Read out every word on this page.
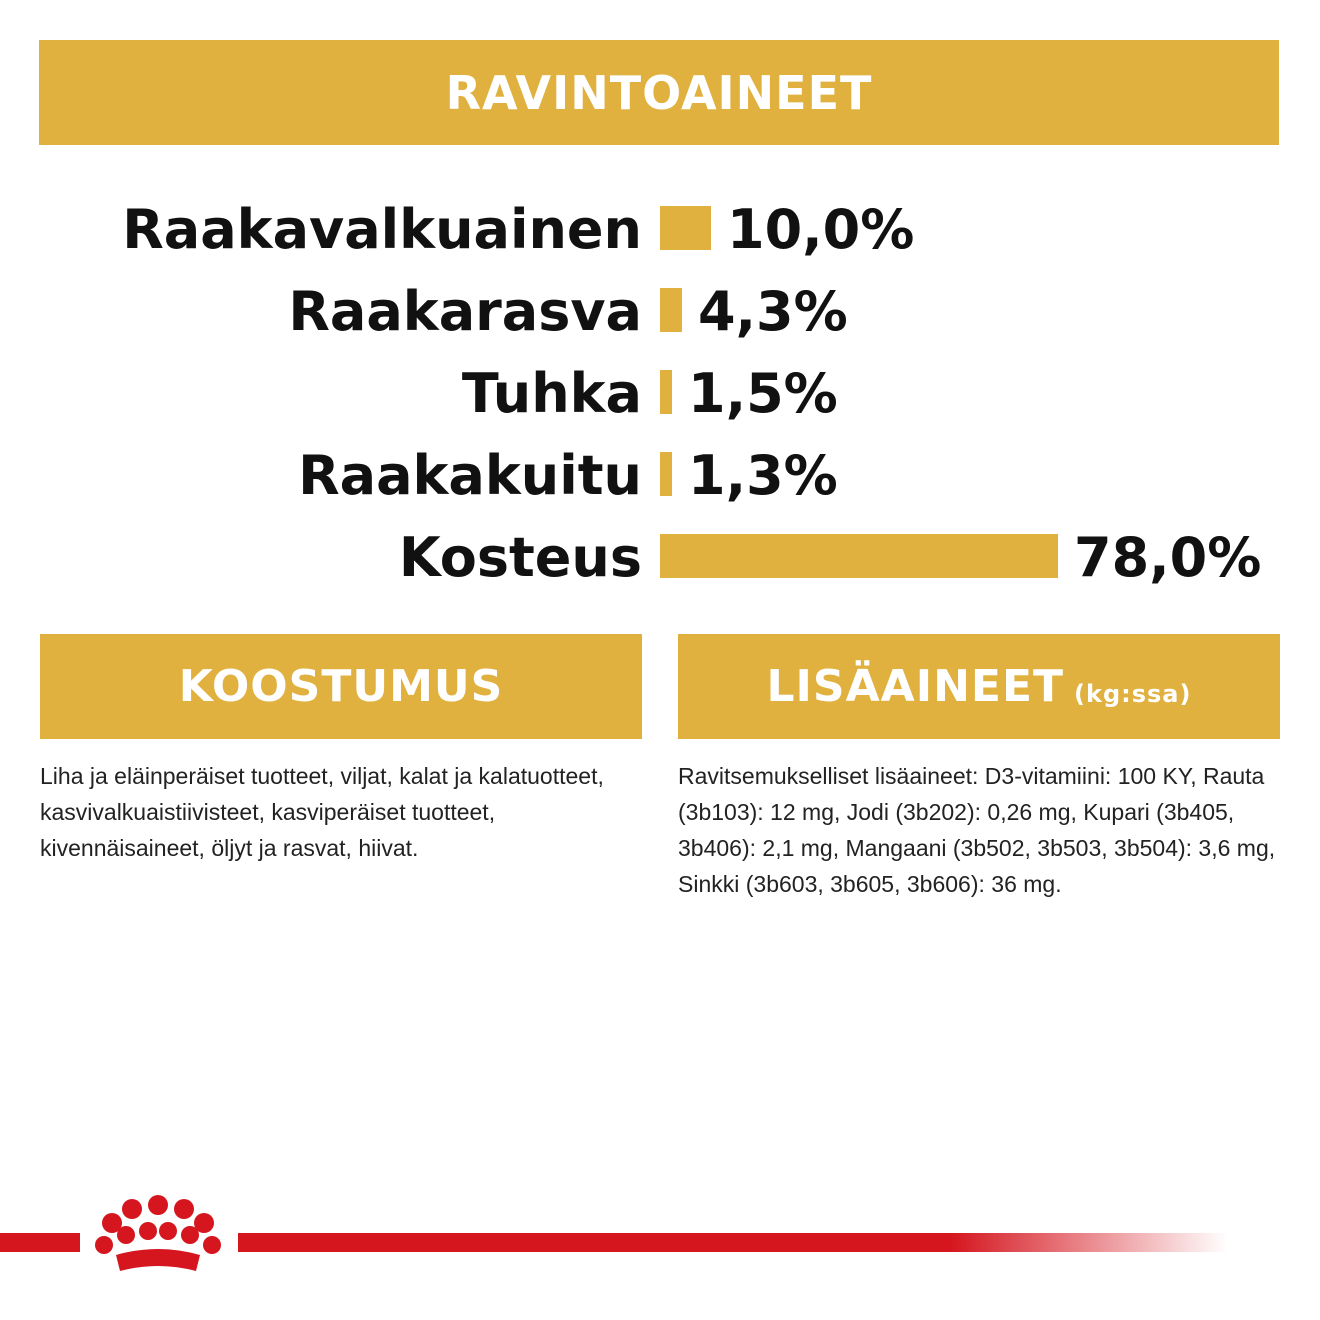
RAVINTOAINEET
Raakavalkuainen 10,0%
Raakarasva 4,3%
Tuhka 1,5%
Raakakuitu 1,3%
Kosteus	78,0%
KOOSTUMUS	LISÄAINEET (kg:ssa)
Liha ja eläinperäiset tuotteet, viljat, kalat ja kalatuotteet, kasvivalkuaistiivisteet, kasviperäiset tuotteet, kivennäisaineet, öljyt ja rasvat, hiivat.
Ravitsemukselliset lisäaineet: D3-vitamiini: 100 KY, Rauta (3b103): 12 mg, Jodi (3b202): 0,26 mg, Kupari (3b405, 3b406): 2,1 mg, Mangaani (3b502, 3b503, 3b504): 3,6 mg, Sinkki (3b603, 3b605, 3b606): 36 mg.
